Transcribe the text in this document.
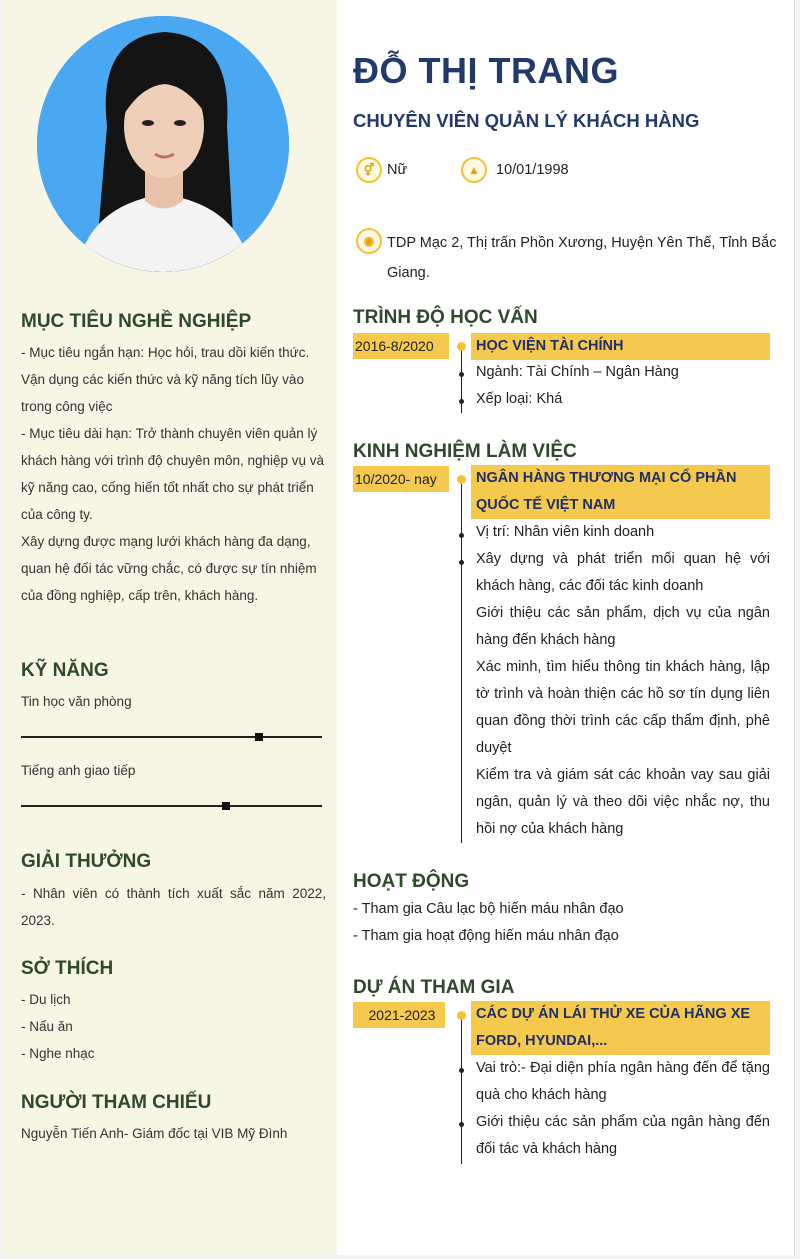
MỤC TIÊU NGHỀ NGHIỆP
- Mục tiêu ngắn hạn: Học hỏi, trau dồi kiến thức. Vận dụng các kiến thức và kỹ năng tích lũy vào trong công việc
- Mục tiêu dài hạn: Trở thành chuyên viên quản lý khách hàng với trình độ chuyên môn, nghiệp vụ và kỹ năng cao, cống hiến tốt nhất cho sự phát triển của công ty.
Xây dựng được mạng lưới khách hàng đa dạng, quan hệ đối tác vững chắc, có được sự tín nhiệm của đồng nghiệp, cấp trên, khách hàng.
KỸ NĂNG
Tin học văn phòng
Tiếng anh giao tiếp
GIẢI THƯỞNG
- Nhân viên có thành tích xuất sắc năm 2022, 2023.
SỞ THÍCH
- Du lịch
- Nấu ăn
- Nghe nhạc
NGƯỜI THAM CHIẾU
Nguyễn Tiến Anh- Giám đốc tại VIB Mỹ Đình
ĐỖ THỊ TRANG
CHUYÊN VIÊN QUẢN LÝ KHÁCH HÀNG
⚥ Nữ	▲	10/01/1998
◉ TDP Mạc 2, Thị trấn Phồn Xương, Huyện Yên Thế, Tỉnh Bắc Giang.
TRÌNH ĐỘ HỌC VẤN
2016-8/2020	HỌC VIỆN TÀI CHÍNH
Ngành: Tài Chính – Ngân Hàng
Xếp loại: Khá
KINH NGHIỆM LÀM VIỆC
10/2020- nay	NGÂN HÀNG THƯƠNG MẠI CỔ PHẦN QUỐC TẾ VIỆT NAM
Vị trí: Nhân viên kinh doanh
Xây dựng và phát triển mối quan hệ với khách hàng, các đối tác kinh doanh
Giới thiệu các sản phẩm, dịch vụ của ngân hàng đến khách hàng
Xác minh, tìm hiểu thông tin khách hàng, lập tờ trình và hoàn thiện các hồ sơ tín dụng liên quan đồng thời trình các cấp thẩm định, phê duyệt
Kiểm tra và giám sát các khoản vay sau giải ngân, quản lý và theo dõi việc nhắc nợ, thu hồi nợ của khách hàng
HOẠT ĐỘNG
- Tham gia Câu lạc bộ hiến máu nhân đạo
- Tham gia hoạt động hiến máu nhân đạo
DỰ ÁN THAM GIA
2021-2023	CÁC DỰ ÁN LÁI THỬ XE CỦA HÃNG XE FORD, HYUNDAI,...
Vai trò:- Đại diện phía ngân hàng đến để tặng quà cho khách hàng
Giới thiệu các sản phẩm của ngân hàng đến đối tác và khách hàng
